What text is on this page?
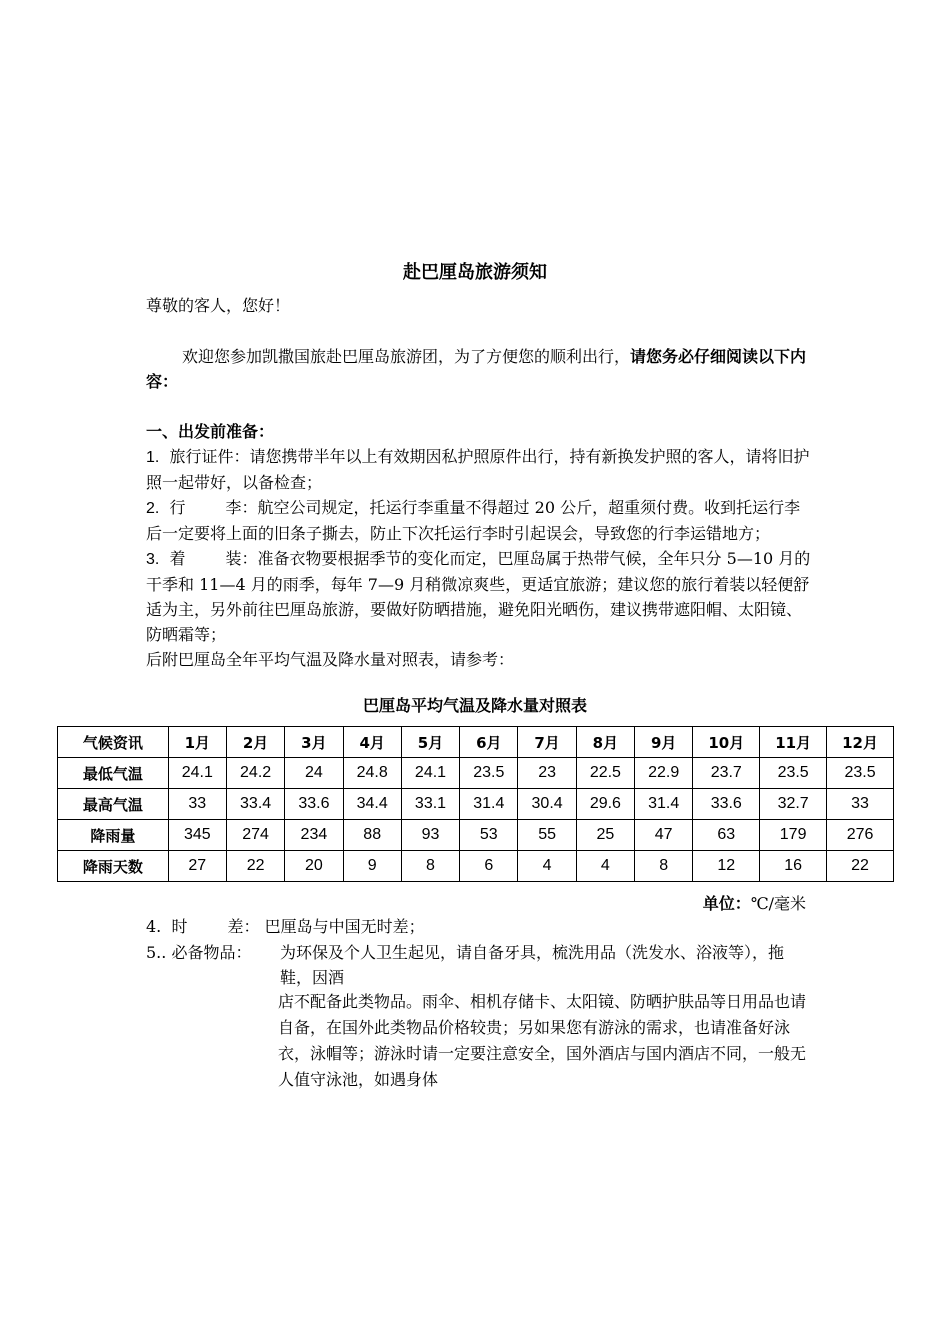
赴巴厘岛旅游须知
尊敬的客人，您好！
欢迎您参加凯撒国旅赴巴厘岛旅游团，为了方便您的顺利出行，请您务必仔细阅读以下内容：
一、出发前准备：
1. 旅行证件：请您携带半年以上有效期因私护照原件出行，持有新换发护照的客人，请将旧护照一起带好，以备检查；
2. 行	李：航空公司规定，托运行李重量不得超过 20 公斤，超重须付费。收到托运行李后一定要将上面的旧条子撕去，防止下次托运行李时引起误会，导致您的行李运错地方；
3. 着	装：准备衣物要根据季节的变化而定，巴厘岛属于热带气候，全年只分 5—10 月的干季和 11—4 月的雨季，每年 7—9 月稍微凉爽些，更适宜旅游；建议您的旅行着装以轻便舒适为主，另外前往巴厘岛旅游，要做好防晒措施，避免阳光晒伤，建议携带遮阳帽、太阳镜、防晒霜等；
后附巴厘岛全年平均气温及降水量对照表，请参考：
巴厘岛平均气温及降水量对照表
气候资讯	1月	2月	3月	4月	5月	6月	7月	8月	9月	10月	11月	12月
最低气温	24.1	24.2	24	24.8	24.1	23.5	23	22.5	22.9	23.7	23.5	23.5
最高气温	33	33.4	33.6	34.4	33.1	31.4	30.4	29.6	31.4	33.6	32.7	33
降雨量	345	274	234	88	93	53	55	25	47	63	179	276
降雨天数	27	22	20	9	8	6	4	4	8	12	16	22
单位：℃/毫米
4. 时	差： 巴厘岛与中国无时差；
5.. 必备物品： 为环保及个人卫生起见，请自备牙具，梳洗用品（洗发水、浴液等），拖鞋，因酒
店不配备此类物品。雨伞、相机存储卡、太阳镜、防晒护肤品等日用品也请自备，在国外此类物品价格较贵；另如果您有游泳的需求，也请准备好泳衣，泳帽等；游泳时请一定要注意安全，国外酒店与国内酒店不同，一般无人值守泳池，如遇身体
